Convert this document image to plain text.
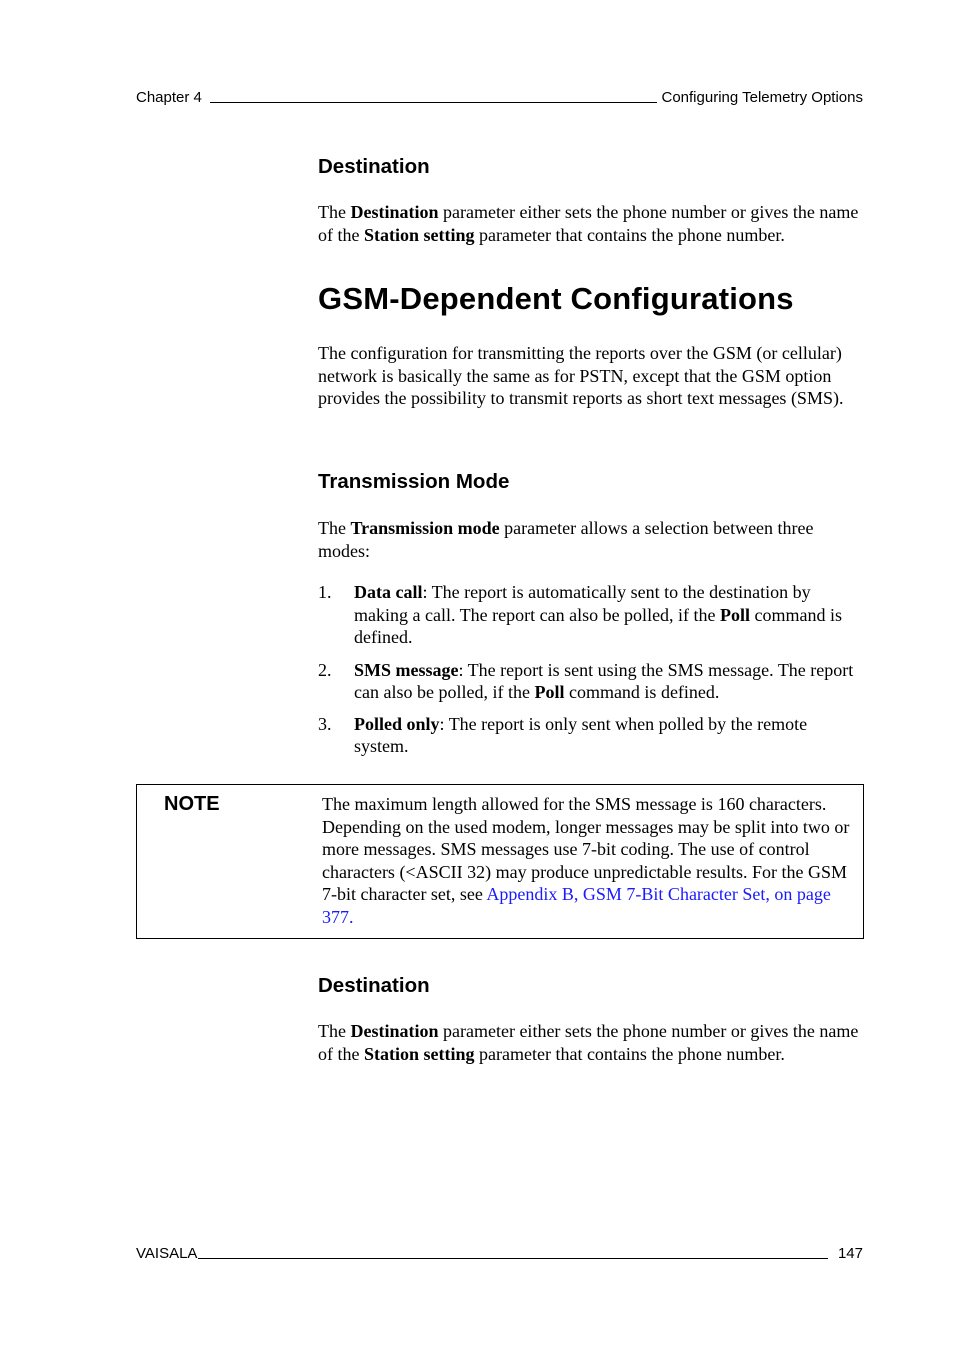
Chapter 4	Configuring Telemetry Options
Destination

The Destination parameter either sets the phone number or gives the name of the Station setting parameter that contains the phone number.

GSM-Dependent Configurations

The configuration for transmitting the reports over the GSM (or cellular) network is basically the same as for PSTN, except that the GSM option provides the possibility to transmit reports as short text messages (SMS).

Transmission Mode

The Transmission mode parameter allows a selection between three modes:

1. Data call: The report is automatically sent to the destination by making a call. The report can also be polled, if the Poll command is defined.
2. SMS message: The report is sent using the SMS message. The report can also be polled, if the Poll command is defined.
3. Polled only: The report is only sent when polled by the remote system.
NOTE	The maximum length allowed for the SMS message is 160 characters. Depending on the used modem, longer messages may be split into two or more messages. SMS messages use 7-bit coding. The use of control characters (<ASCII 32) may produce unpredictable results. For the GSM 7-bit character set, see Appendix B, GSM 7-Bit Character Set, on page 377.
Destination

The Destination parameter either sets the phone number or gives the name of the Station setting parameter that contains the phone number.

VAISALA	147
